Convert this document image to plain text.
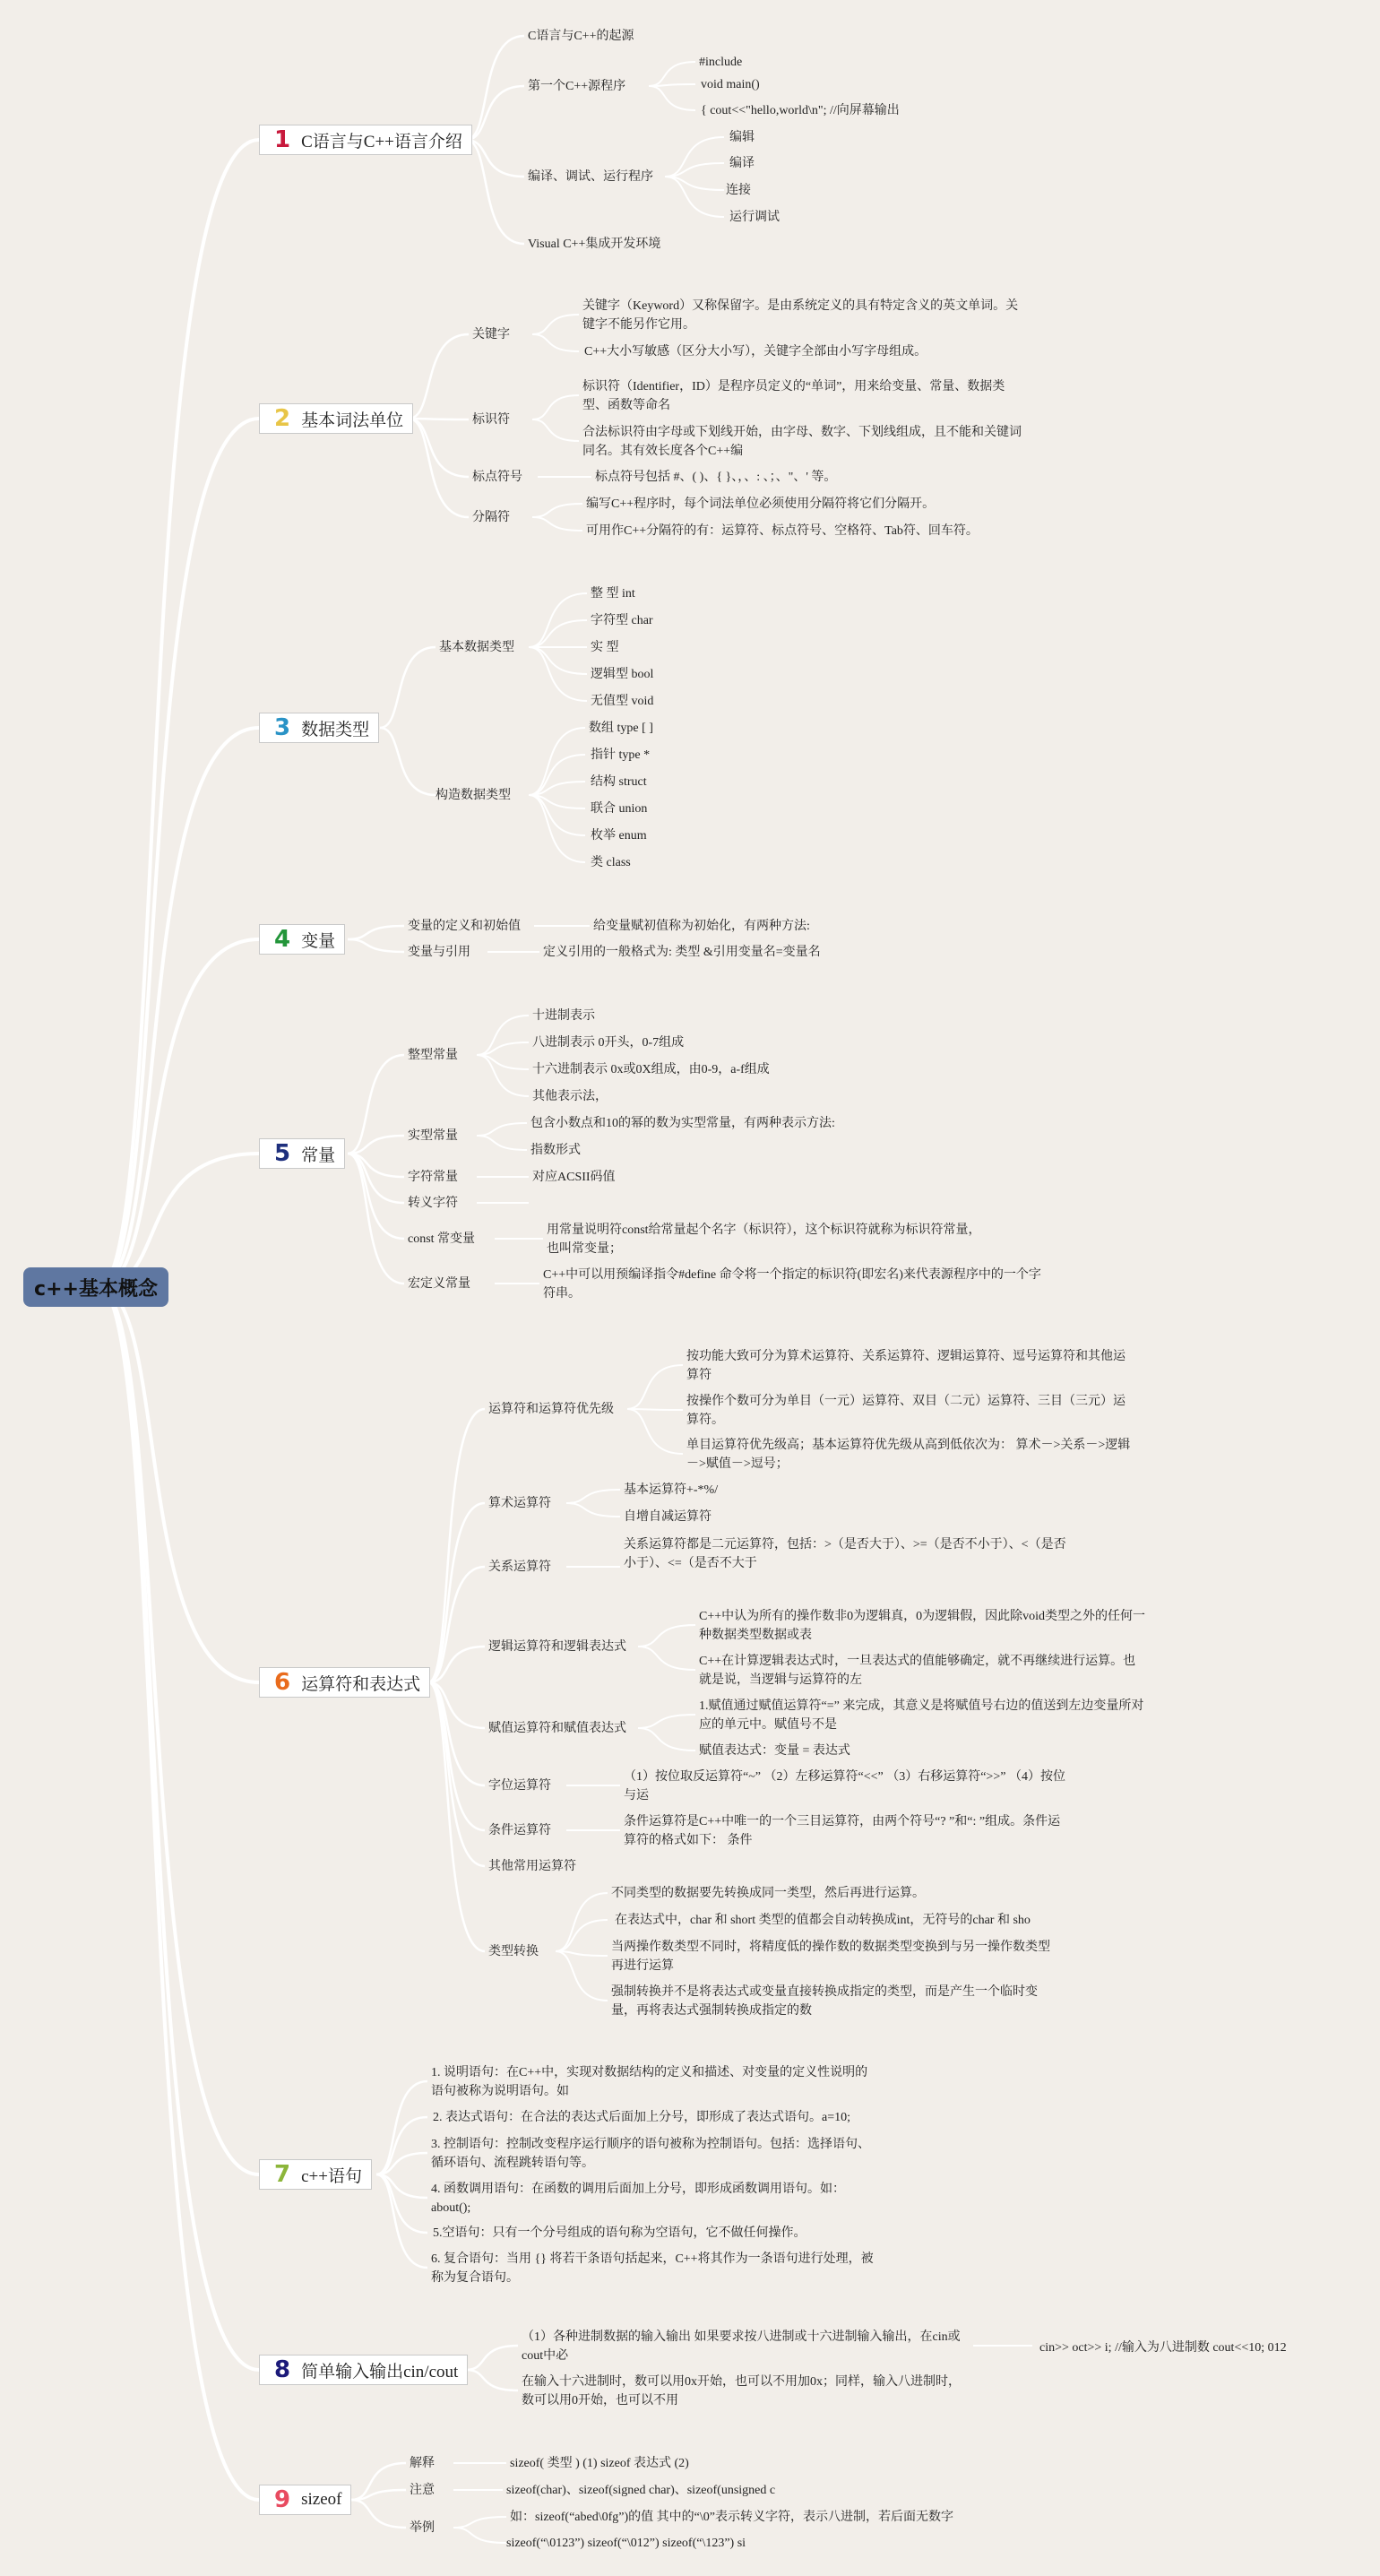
c++基本概念
1 C语言与C++语言介绍
2 基本词法单位
3 数据类型
4 变量
5 常量
6 运算符和表达式
7 c++语句
8 简单输入输出cin/cout
9 sizeof
C语言与C++的起源
第一个C++源程序
#include
void main()
{ cout<<"hello,world\n"; //向屏幕输出
编译、调试、运行程序
编辑
编译
连接
运行调试
Visual C++集成开发环境
关键字
关键字（Keyword）又称保留字。是由系统定义的具有特定含义的英文单词。关键字不能另作它用。
C++大小写敏感（区分大小写），关键字全部由小写字母组成。
标识符
标识符（Identifier，ID）是程序员定义的“单词”，用来给变量、常量、数据类型、函数等命名
合法标识符由字母或下划线开始，由字母、数字、下划线组成，且不能和关键词同名。其有效长度各个C++编
标点符号	标点符号包括 #、( )、{ }、，、: 、；、"、' 等。
分隔符
编写C++程序时，每个词法单位必须使用分隔符将它们分隔开。
可用作C++分隔符的有：运算符、标点符号、空格符、Tab符、回车符。
基本数据类型
整 型 int
字符型 char
实 型
逻辑型 bool
无值型 void
构造数据类型
数组 type [ ]
指针 type *
结构 struct
联合 union
枚举 enum
类 class
变量的定义和初始值	给变量赋初值称为初始化，有两种方法:
变量与引用	定义引用的一般格式为: 类型 &引用变量名=变量名
整型常量
十进制表示
八进制表示 0开头，0-7组成
十六进制表示 0x或0X组成，由0-9，a-f组成
其他表示法，
实型常量
包含小数点和10的幂的数为实型常量，有两种表示方法:
指数形式
字符常量	对应ACSII码值
转义字符
const 常变量
用常量说明符const给常量起个名字（标识符），这个标识符就称为标识符常量，也叫常变量；
宏定义常量
C++中可以用预编译指令#define 命令将一个指定的标识符(即宏名)来代表源程序中的一个字符串。
运算符和运算符优先级
按功能大致可分为算术运算符、关系运算符、逻辑运算符、逗号运算符和其他运算符
按操作个数可分为单目（一元）运算符、双目（二元）运算符、三目（三元）运算符。
单目运算符优先级高；基本运算符优先级从高到低依次为： 算术－>关系－>逻辑－>赋值－>逗号；
算术运算符
基本运算符+-*%/
自增自减运算符
关系运算符
关系运算符都是二元运算符，包括：>（是否大于）、>=（是否不小于）、<（是否小于）、<=（是否不大于
逻辑运算符和逻辑表达式
C++中认为所有的操作数非0为逻辑真，0为逻辑假，因此除void类型之外的任何一种数据类型数据或表
C++在计算逻辑表达式时，一旦表达式的值能够确定，就不再继续进行运算。也就是说，当逻辑与运算符的左
赋值运算符和赋值表达式
1.赋值通过赋值运算符“=” 来完成，其意义是将赋值号右边的值送到左边变量所对应的单元中。赋值号不是
赋值表达式：变量 = 表达式
字位运算符
（1）按位取反运算符“~” （2）左移运算符“<<” （3）右移运算符“>>” （4）按位与运
条件运算符
条件运算符是C++中唯一的一个三目运算符，由两个符号“? ”和“: ”组成。条件运算符的格式如下： 条件
其他常用运算符
类型转换
不同类型的数据要先转换成同一类型，然后再进行运算。
在表达式中，char 和 short 类型的值都会自动转换成int，无符号的char 和 sho
当两操作数类型不同时，将精度低的操作数的数据类型变换到与另一操作数类型再进行运算
强制转换并不是将表达式或变量直接转换成指定的类型，而是产生一个临时变量，再将表达式强制转换成指定的数
1. 说明语句：在C++中，实现对数据结构的定义和描述、对变量的定义性说明的语句被称为说明语句。如
2. 表达式语句：在合法的表达式后面加上分号，即形成了表达式语句。a=10;
3. 控制语句：控制改变程序运行顺序的语句被称为控制语句。包括：选择语句、循环语句、流程跳转语句等。
4. 函数调用语句：在函数的调用后面加上分号，即形成函数调用语句。如：about();
5.空语句：只有一个分号组成的语句称为空语句，它不做任何操作。
6. 复合语句：当用 {} 将若干条语句括起来，C++将其作为一条语句进行处理，被称为复合语句。
（1）各种进制数据的输入输出 如果要求按八进制或十六进制输入输出，在cin或cout中必
cin>> oct>> i; //输入为八进制数 cout<<10; 012
在输入十六进制时，数可以用0x开始，也可以不用加0x；同样，输入八进制时，数可以用0开始，也可以不用
解释	sizeof( 类型 ) (1) sizeof 表达式 (2)
注意	sizeof(char)、sizeof(signed char)、sizeof(unsigned c
举例
如：sizeof(“abed\0fg”)的值 其中的“\0”表示转义字符，表示八进制，若后面无数字
sizeof(“\0123”) sizeof(“\012”) sizeof(“\123”) si
